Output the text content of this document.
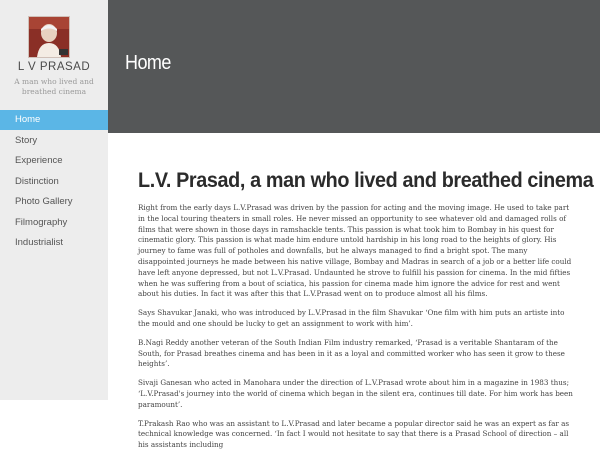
L V PRASAD
A man who lived and breathed cinema
Home
Story
Experience
Distinction
Photo Gallery
Filmography
Industrialist
Home
L.V. Prasad, a man who lived and breathed cinema

Right from the early days L.V.Prasad was driven by the passion for acting and the moving image. He used to take part in the local touring theaters in small roles. He never missed an opportunity to see whatever old and damaged rolls of films that were shown in those days in ramshackle tents. This passion is what took him to Bombay in his quest for cinematic glory. This passion is what made him endure untold hardship in his long road to the heights of glory. His journey to fame was full of potholes and downfalls, but he always managed to find a bright spot. The many disappointed journeys he made between his native village, Bombay and Madras in search of a job or a better life could have left anyone depressed, but not L.V.Prasad. Undaunted he strove to fulfill his passion for cinema. In the mid fifties when he was suffering from a bout of sciatica, his passion for cinema made him ignore the advice for rest and went about his duties. In fact it was after this that L.V.Prasad went on to produce almost all his films.

Says Shavukar Janaki, who was introduced by L.V.Prasad in the film Shavukar ‘One film with him puts an artiste into the mould and one should be lucky to get an assignment to work with him’.

B.Nagi Reddy another veteran of the South Indian Film industry remarked, ‘Prasad is a veritable Shantaram of the South, for Prasad breathes cinema and has been in it as a loyal and committed worker who has seen it grow to these heights’.

Sivaji Ganesan who acted in Manohara under the direction of L.V.Prasad wrote about him in a magazine in 1983 thus; ‘L.V.Prasad's journey into the world of cinema which began in the silent era, continues till date. For him work has been paramount’.

T.Prakash Rao who was an assistant to L.V.Prasad and later became a popular director said he was an expert as far as technical knowledge was concerned. ‘In fact I would not hesitate to say that there is a Prasad School of direction – all his assistants including
